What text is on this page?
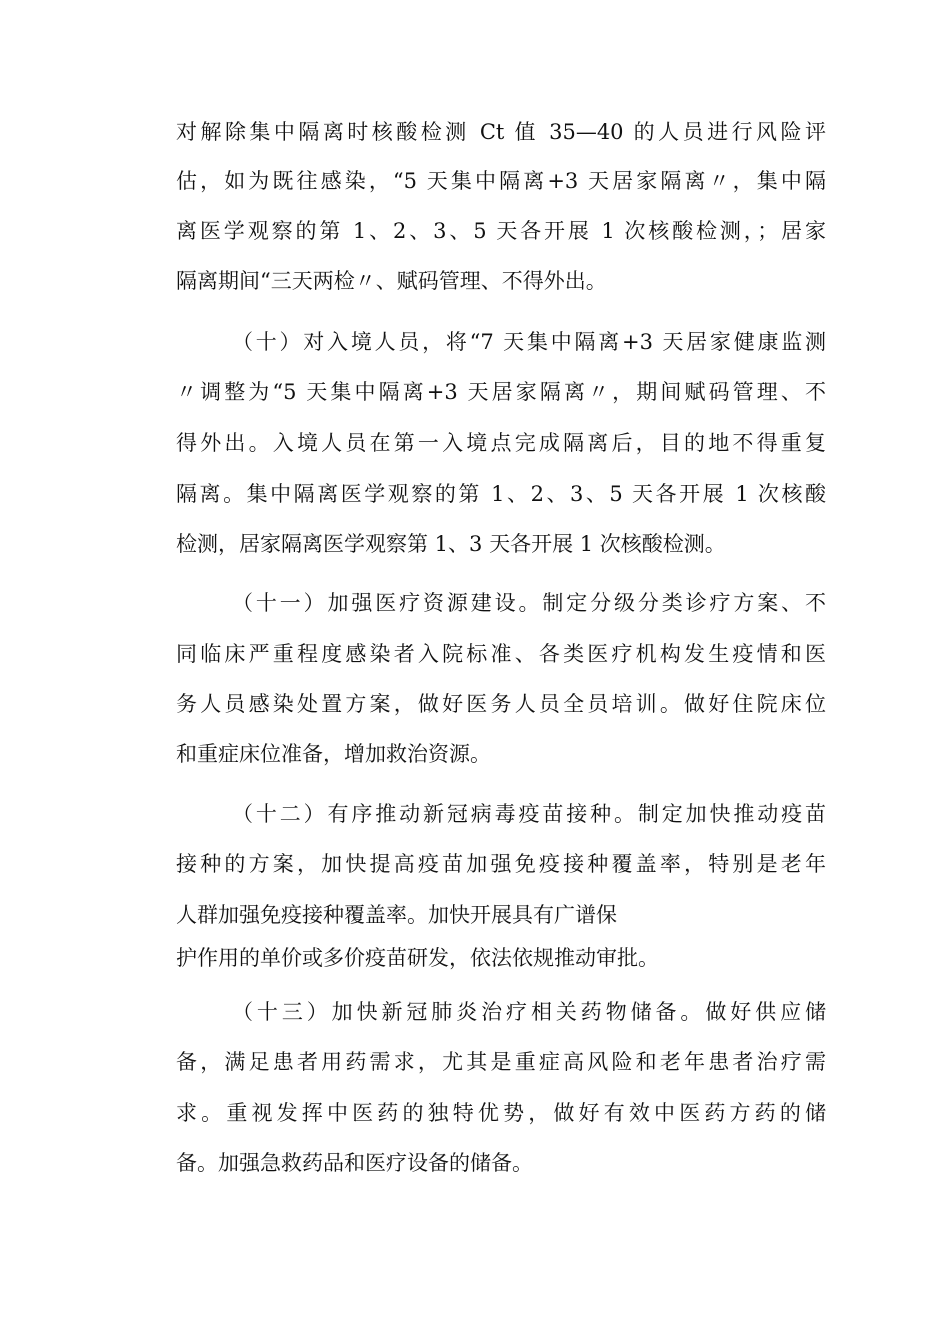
对解除集中隔离时核酸检测 Ct 值 35—40 的人员进行风险评
估，如为既往感染，“5 天集中隔离+3 天居家隔离〃，集中隔
离医学观察的第 1、2、3、5 天各开展 1 次核酸检测，；居家
隔离期间“三天两检〃、赋码管理、不得外出。
（十）对入境人员，将“7 天集中隔离+3 天居家健康监测
〃调整为“5 天集中隔离+3 天居家隔离〃，期间赋码管理、不
得外出。入境人员在第一入境点完成隔离后，目的地不得重复
隔离。集中隔离医学观察的第 1、2、3、5 天各开展 1 次核酸
检测，居家隔离医学观察第 1、3 天各开展 1 次核酸检测。
（十一）加强医疗资源建设。制定分级分类诊疗方案、不
同临床严重程度感染者入院标准、各类医疗机构发生疫情和医
务人员感染处置方案，做好医务人员全员培训。做好住院床位
和重症床位准备，增加救治资源。
（十二）有序推动新冠病毒疫苗接种。制定加快推动疫苗
接种的方案，加快提高疫苗加强免疫接种覆盖率，特别是老年
人群加强免疫接种覆盖率。加快开展具有广谱保
护作用的单价或多价疫苗研发，依法依规推动审批。
（十三）加快新冠肺炎治疗相关药物储备。做好供应储
备，满足患者用药需求，尤其是重症高风险和老年患者治疗需
求。重视发挥中医药的独特优势，做好有效中医药方药的储
备。加强急救药品和医疗设备的储备。
